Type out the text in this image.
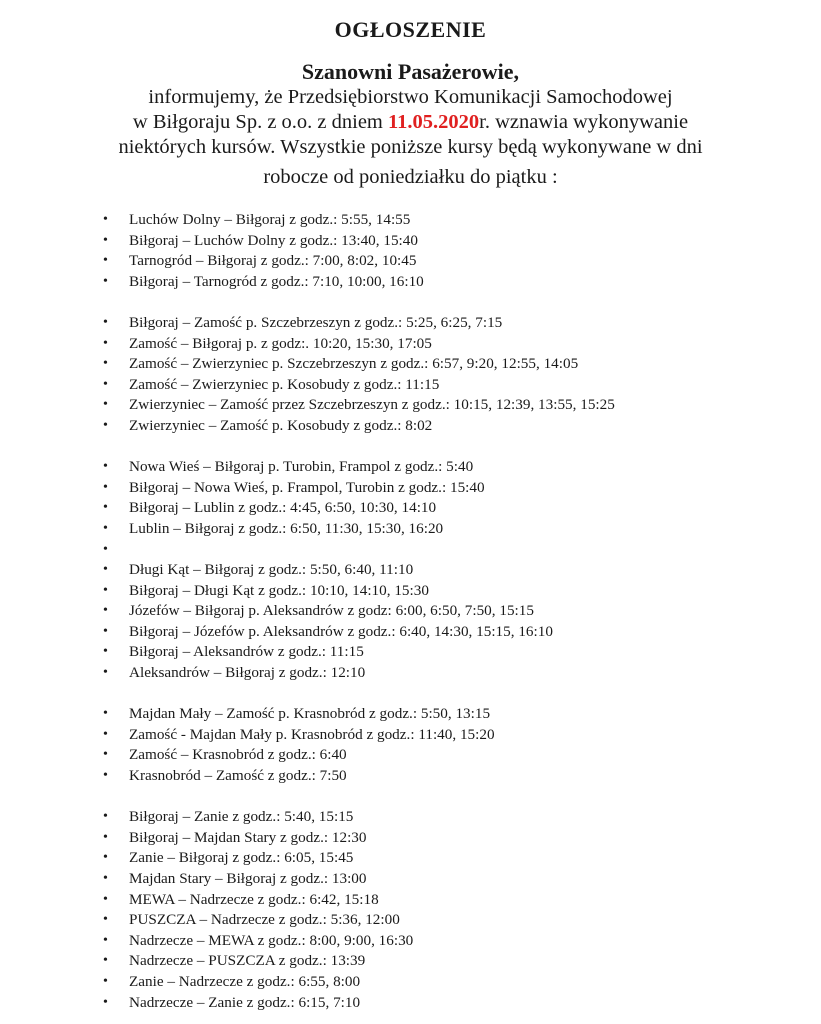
OGŁOSZENIE
Szanowni Pasażerowie,
informujemy, że Przedsiębiorstwo Komunikacji Samochodowej
w Biłgoraju Sp. z o.o. z dniem 11.05.2020r. wznawia wykonywanie
niektórych kursów. Wszystkie poniższe kursy będą wykonywane w dni
robocze od poniedziałku do piątku :
• Luchów Dolny – Biłgoraj z godz.: 5:55, 14:55
• Biłgoraj – Luchów Dolny z godz.: 13:40, 15:40
• Tarnogród – Biłgoraj z godz.: 7:00, 8:02, 10:45
• Biłgoraj – Tarnogród z godz.: 7:10, 10:00, 16:10
• Biłgoraj – Zamość p. Szczebrzeszyn z godz.: 5:25, 6:25, 7:15
• Zamość – Biłgoraj p. z godz:. 10:20, 15:30, 17:05
• Zamość – Zwierzyniec p. Szczebrzeszyn z godz.: 6:57, 9:20, 12:55, 14:05
• Zamość – Zwierzyniec p. Kosobudy z godz.: 11:15
• Zwierzyniec – Zamość przez Szczebrzeszyn z godz.: 10:15, 12:39, 13:55, 15:25
• Zwierzyniec – Zamość p. Kosobudy z godz.: 8:02
• Nowa Wieś – Biłgoraj p. Turobin, Frampol z godz.: 5:40
• Biłgoraj – Nowa Wieś, p. Frampol, Turobin z godz.: 15:40
• Biłgoraj – Lublin z godz.: 4:45, 6:50, 10:30, 14:10
• Lublin – Biłgoraj z godz.: 6:50, 11:30, 15:30, 16:20
•
• Długi Kąt – Biłgoraj z godz.: 5:50, 6:40, 11:10
• Biłgoraj – Długi Kąt z godz.: 10:10, 14:10, 15:30
• Józefów – Biłgoraj p. Aleksandrów z godz: 6:00, 6:50, 7:50, 15:15
• Biłgoraj – Józefów p. Aleksandrów z godz.: 6:40, 14:30, 15:15, 16:10
• Biłgoraj – Aleksandrów z godz.: 11:15
• Aleksandrów – Biłgoraj z godz.: 12:10
• Majdan Mały – Zamość p. Krasnobród z godz.: 5:50, 13:15
• Zamość - Majdan Mały p. Krasnobród z godz.: 11:40, 15:20
• Zamość – Krasnobród z godz.: 6:40
• Krasnobród – Zamość z godz.: 7:50
• Biłgoraj – Zanie z godz.: 5:40, 15:15
• Biłgoraj – Majdan Stary z godz.: 12:30
• Zanie – Biłgoraj z godz.: 6:05, 15:45
• Majdan Stary – Biłgoraj z godz.: 13:00
• MEWA – Nadrzecze z godz.: 6:42, 15:18
• PUSZCZA – Nadrzecze z godz.: 5:36, 12:00
• Nadrzecze – MEWA z godz.: 8:00, 9:00, 16:30
• Nadrzecze – PUSZCZA z godz.: 13:39
• Zanie – Nadrzecze z godz.: 6:55, 8:00
• Nadrzecze – Zanie z godz.: 6:15, 7:10
